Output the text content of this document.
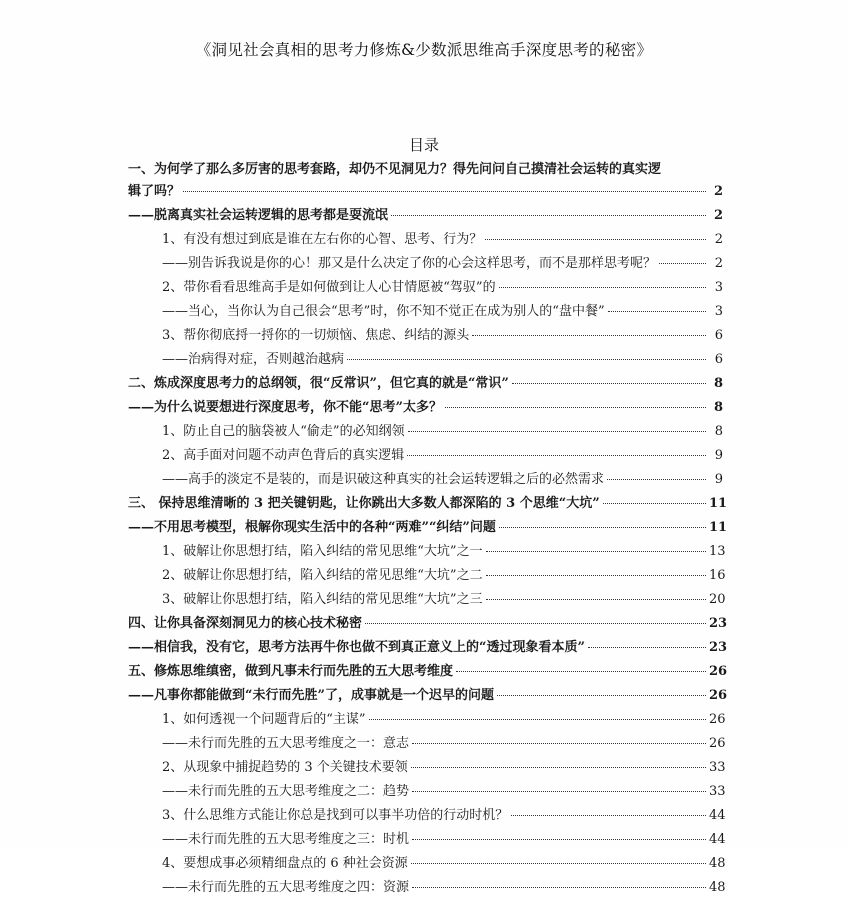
《洞见社会真相的思考力修炼&少数派思维高手深度思考的秘密》
目录
一、为何学了那么多厉害的思考套路，却仍不见洞见力？得先问问自己摸清社会运转的真实逻
辑了吗？	2
——脱离真实社会运转逻辑的思考都是耍流氓	2
1、有没有想过到底是谁在左右你的心智、思考、行为？	2
——别告诉我说是你的心！那又是什么决定了你的心会这样思考，而不是那样思考呢？	2
2、带你看看思维高手是如何做到让人心甘情愿被“驾驭”的	3
——当心，当你认为自己很会“思考”时，你不知不觉正在成为别人的“盘中餐”	3
3、帮你彻底捋一捋你的一切烦恼、焦虑、纠结的源头	6
——治病得对症，否则越治越病	6
二、炼成深度思考力的总纲领，很“反常识”，但它真的就是“常识”	8
——为什么说要想进行深度思考，你不能“思考”太多？	8
1、防止自己的脑袋被人“偷走”的必知纲领	8
2、高手面对问题不动声色背后的真实逻辑	9
——高手的淡定不是装的，而是识破这种真实的社会运转逻辑之后的必然需求	9
三、 保持思维清晰的 3 把关键钥匙，让你跳出大多数人都深陷的 3 个思维“大坑”	11
——不用思考模型，根解你现实生活中的各种“两难”“纠结”问题	11
1、破解让你思想打结，陷入纠结的常见思维“大坑”之一	13
2、破解让你思想打结，陷入纠结的常见思维“大坑”之二	16
3、破解让你思想打结，陷入纠结的常见思维“大坑”之三	20
四、让你具备深刻洞见力的核心技术秘密	23
——相信我，没有它，思考方法再牛你也做不到真正意义上的“透过现象看本质”	23
五、修炼思维缜密，做到凡事未行而先胜的五大思考维度	26
——凡事你都能做到“未行而先胜”了，成事就是一个迟早的问题	26
1、如何透视一个问题背后的“主谋”	26
——未行而先胜的五大思考维度之一：意志	26
2、从现象中捕捉趋势的 3 个关键技术要领	33
——未行而先胜的五大思考维度之二：趋势	33
3、什么思维方式能让你总是找到可以事半功倍的行动时机？	44
——未行而先胜的五大思考维度之三：时机	44
4、要想成事必须精细盘点的 6 种社会资源	48
——未行而先胜的五大思考维度之四：资源	48
